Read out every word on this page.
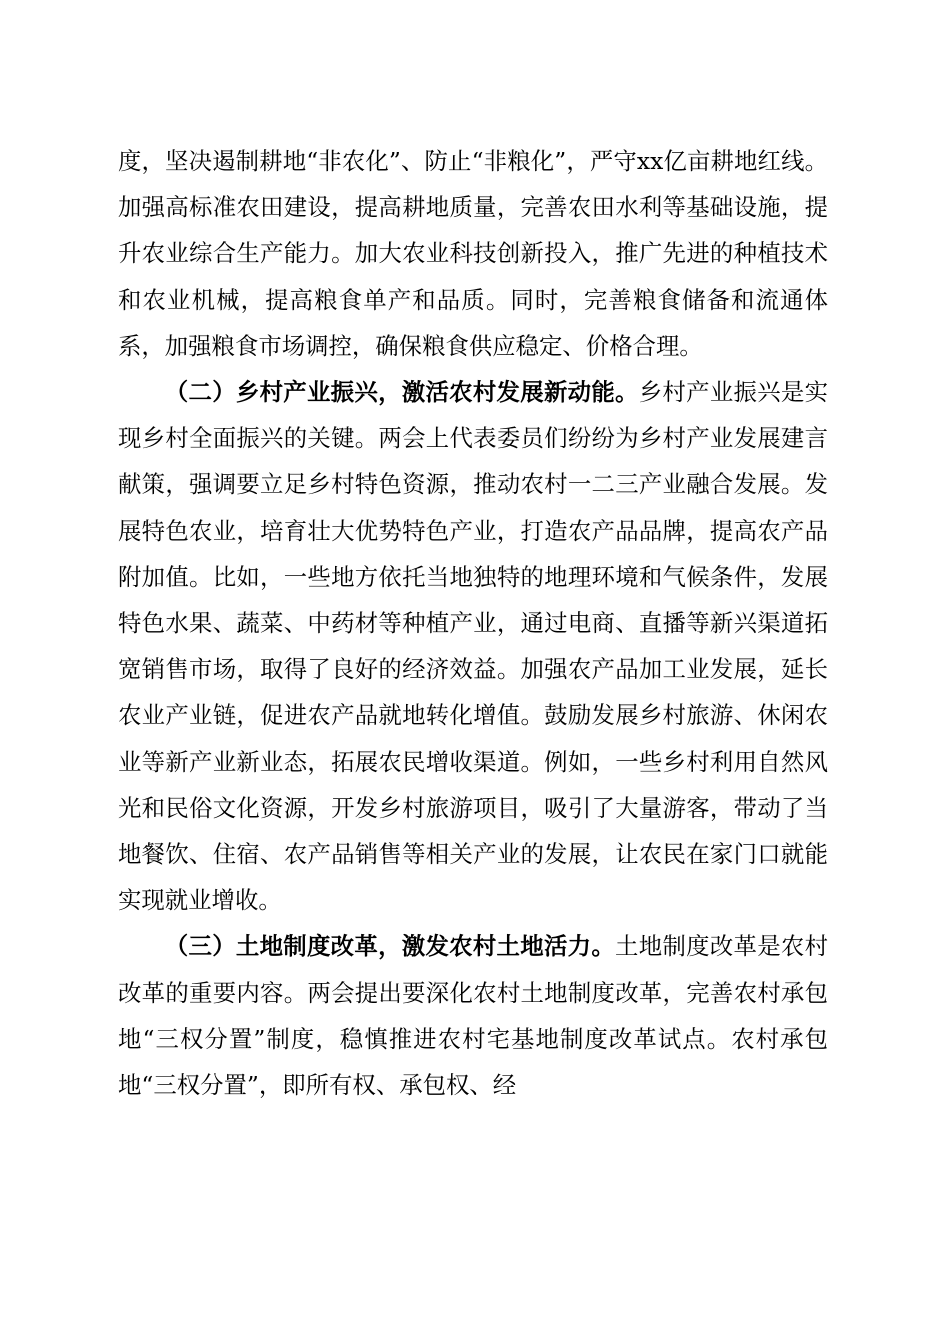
度，坚决遏制耕地“非农化”、防止“非粮化”，严守xx亿亩耕地红线。加强高标准农田建设，提高耕地质量，完善农田水利等基础设施，提升农业综合生产能力。加大农业科技创新投入，推广先进的种植技术和农业机械，提高粮食单产和品质。同时，完善粮食储备和流通体系，加强粮食市场调控，确保粮食供应稳定、价格合理。

（二）乡村产业振兴，激活农村发展新动能。乡村产业振兴是实现乡村全面振兴的关键。两会上代表委员们纷纷为乡村产业发展建言献策，强调要立足乡村特色资源，推动农村一二三产业融合发展。发展特色农业，培育壮大优势特色产业，打造农产品品牌，提高农产品附加值。比如，一些地方依托当地独特的地理环境和气候条件，发展特色水果、蔬菜、中药材等种植产业，通过电商、直播等新兴渠道拓宽销售市场，取得了良好的经济效益。加强农产品加工业发展，延长农业产业链，促进农产品就地转化增值。鼓励发展乡村旅游、休闲农业等新产业新业态，拓展农民增收渠道。例如，一些乡村利用自然风光和民俗文化资源，开发乡村旅游项目，吸引了大量游客，带动了当地餐饮、住宿、农产品销售等相关产业的发展，让农民在家门口就能实现就业增收。

（三）土地制度改革，激发农村土地活力。土地制度改革是农村改革的重要内容。两会提出要深化农村土地制度改革，完善农村承包地“三权分置”制度，稳慎推进农村宅基地制度改革试点。农村承包地“三权分置”，即所有权、承包权、经
